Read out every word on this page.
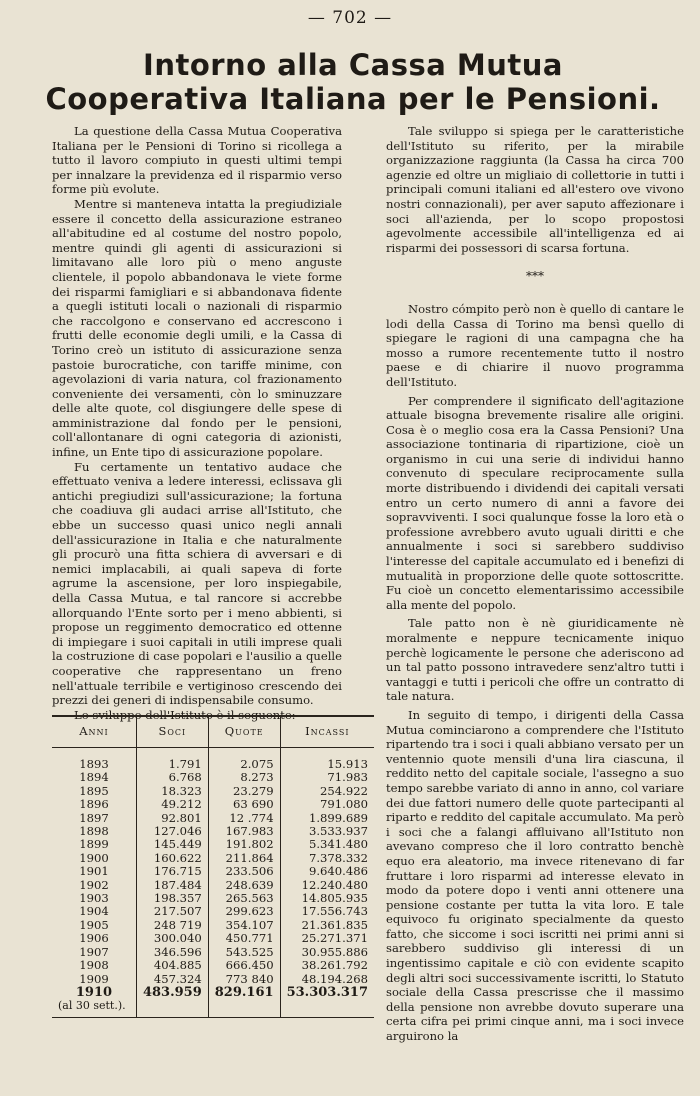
— 702 —
Intorno alla Cassa Mutua
Cooperativa Italiana per le Pensioni.

La questione della Cassa Mutua Cooperativa Italiana per le Pensioni di Torino si ricollega a tutto il lavoro compiuto in questi ultimi tempi per innalzare la previdenza ed il risparmio verso forme più evolute.

Mentre si manteneva intatta la pregiudiziale essere il concetto della assicurazione estraneo all'abitudine ed al costume del nostro popolo, mentre quindi gli agenti di assicurazioni si limitavano alle loro più o meno anguste clientele, il popolo abbandonava le viete forme dei risparmi famigliari e si abbandonava fidente a quegli istituti locali o nazionali di risparmio che raccolgono e conservano ed accrescono i frutti delle economie degli umili, e la Cassa di Torino creò un istituto di assicurazione senza pastoie burocratiche, con tariffe minime, con agevolazioni di varia natura, col frazionamento conveniente dei versamenti, còn lo sminuzzare delle alte quote, col disgiungere delle spese di amministrazione dal fondo per le pensioni, coll'allontanare di ogni categoria di azionisti, infine, un Ente tipo di assicurazione popolare.

Fu certamente un tentativo audace che effettuato veniva a ledere interessi, eclissava gli antichi pregiudizi sull'assicurazione; la fortuna che coadiuva gli audaci arrise all'Istituto, che ebbe un successo quasi unico negli annali dell'assicurazione in Italia e che naturalmente gli procurò una fitta schiera di avversari e di nemici implacabili, ai quali sapeva di forte agrume la ascensione, per loro inspiegabile, della Cassa Mutua, e tal rancore si accrebbe allorquando l'Ente sorto per i meno abbienti, si propose un reggimento democratico ed ottenne di impiegare i suoi capitali in utili imprese quali la costruzione di case popolari e l'ausilio a quelle cooperative che rappresentano un freno nell'attuale terribile e vertiginoso crescendo dei prezzi dei generi di indispensabile consumo.

Lo sviluppo dell'Istituto è il seguente:

Anni	Soci	Quote	Incassi
1893	1.791	2.075	15.913
1894	6.768	8.273	71.983
1895	18.323	23.279	254.922
1896	49.212	63 690	791.080
1897	92.801	12 .774	1.899.689
1898	127.046	167.983	3.533.937
1899	145.449	191.802	5.341.480
1900	160.622	211.864	7.378.332
1901	176.715	233.506	9.640.486
1902	187.484	248.639	12.240.480
1903	198.357	265.563	14.805.935
1904	217.507	299.623	17.556.743
1905	248 719	354.107	21.361.835
1906	300.040	450.771	25.271.371
1907	346.596	543.525	30.955.886
1908	404.885	666.450	38.261.792
1909	457.324	773 840	48.194.268
1910	483.959	829.161	53.303.317
(al 30 sett.).			

Tale sviluppo si spiega per le caratteristiche dell'Istituto su riferito, per la mirabile organizzazione raggiunta (la Cassa ha circa 700 agenzie ed oltre un migliaio di collettorie in tutti i principali comuni italiani ed all'estero ove vivono nostri connazionali), per aver saputo affezionare i soci all'azienda, per lo scopo propostosi agevolmente accessibile all'intelligenza ed ai risparmi dei possessori di scarsa fortuna.

*⁢*⁢*

Nostro cómpito però non è quello di cantare le lodi della Cassa di Torino ma bensì quello di spiegare le ragioni di una campagna che ha mosso a rumore recentemente tutto il nostro paese e di chiarire il nuovo programma dell'Istituto.

Per comprendere il significato dell'agitazione attuale bisogna brevemente risalire alle origini. Cosa è o meglio cosa era la Cassa Pensioni? Una associazione tontinaria di ripartizione, cioè un organismo in cui una serie di individui hanno convenuto di speculare reciprocamente sulla morte distribuendo i dividendi dei capitali versati entro un certo numero di anni a favore dei sopravviventi. I soci qualunque fosse la loro età o professione avrebbero avuto uguali diritti e che annualmente i soci si sarebbero suddiviso l'interesse del capitale accumulato ed i benefizi di mutualità in proporzione delle quote sottoscritte. Fu cioè un concetto elementarissimo accessibile alla mente del popolo.

Tale patto non è nè giuridicamente nè moralmente e neppure tecnicamente iniquo perchè logicamente le persone che aderiscono ad un tal patto possono intravedere senz'altro tutti i vantaggi e tutti i pericoli che offre un contratto di tale natura.

In seguito di tempo, i dirigenti della Cassa Mutua cominciarono a comprendere che l'Istituto ripartendo tra i soci i quali abbiano versato per un ventennio quote mensili d'una lira ciascuna, il reddito netto del capitale sociale, l'assegno a suo tempo sarebbe variato di anno in anno, col variare dei due fattori numero delle quote partecipanti al riparto e reddito del capitale accumulato. Ma però i soci che a falangi affluivano all'Istituto non avevano compreso che il loro contratto benchè equo era aleatorio, ma invece ritenevano di far fruttare i loro risparmi ad interesse elevato in modo da potere dopo i venti anni ottenere una pensione costante per tutta la vita loro. E tale equivoco fu originato specialmente da questo fatto, che siccome i soci iscritti nei primi anni si sarebbero suddiviso gli interessi di un ingentissimo capitale e ciò con evidente scapito degli altri soci successivamente iscritti, lo Statuto sociale della Cassa prescrisse che il massimo della pensione non avrebbe dovuto superare una certa cifra pei primi cinque anni, ma i soci invece arguirono la
